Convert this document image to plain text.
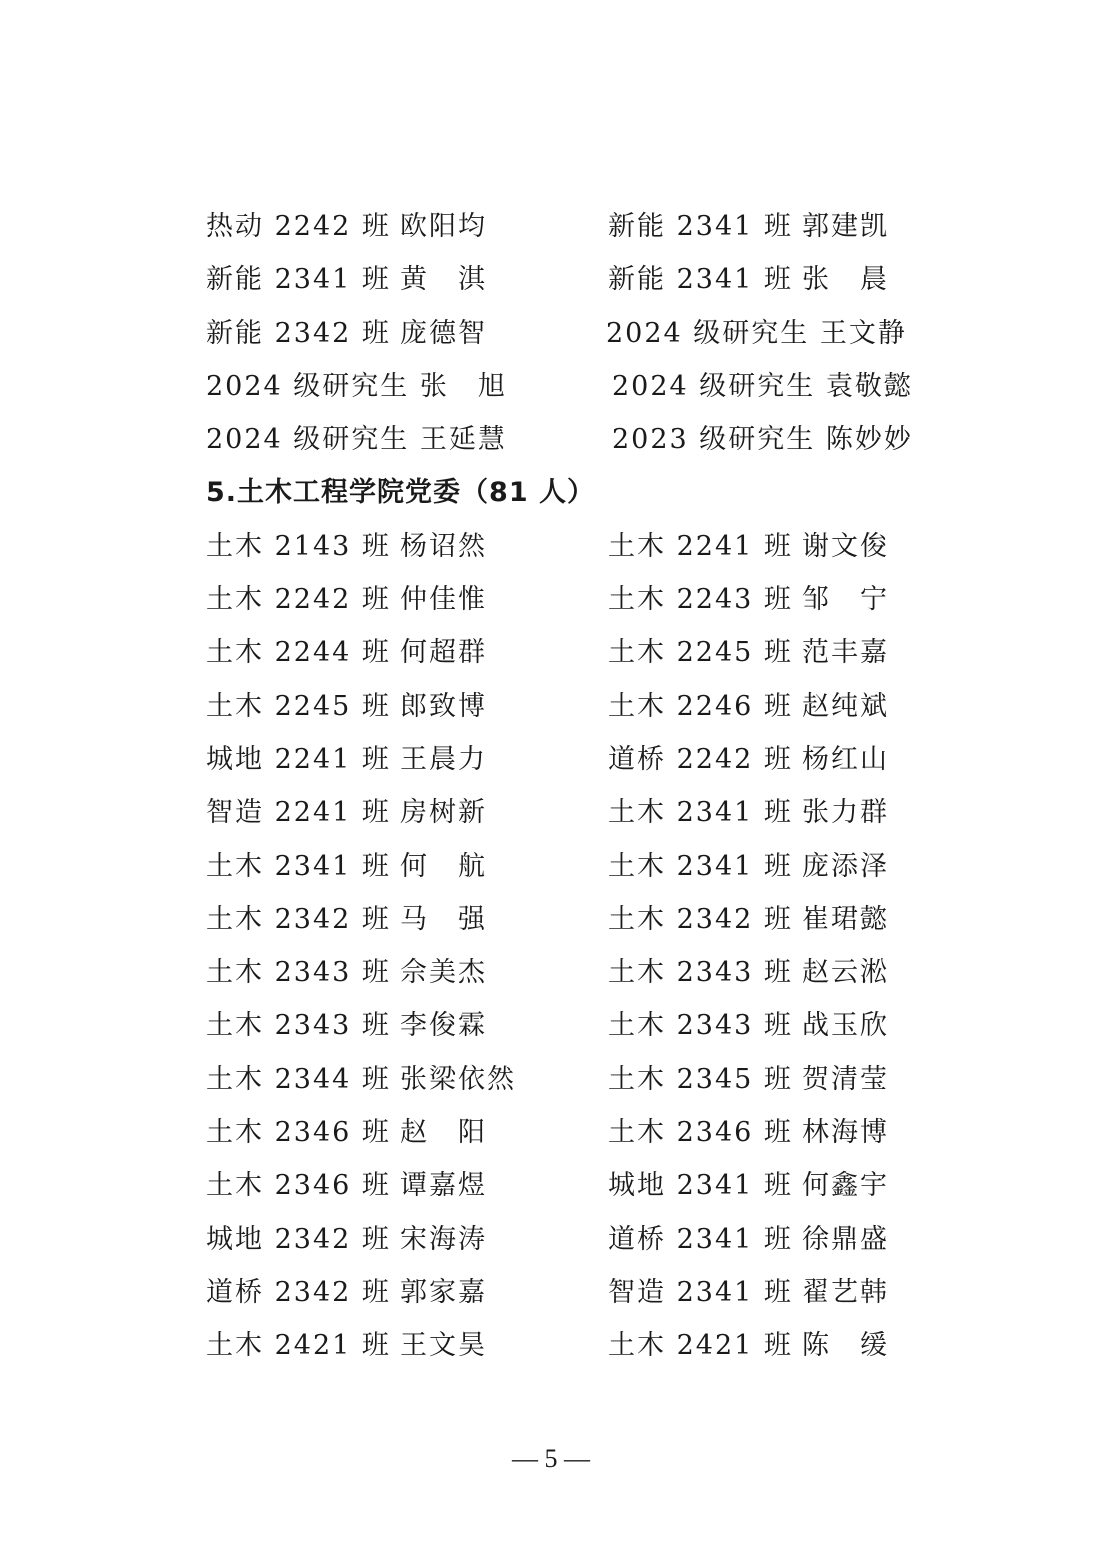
热动 2242 班 欧阳均	新能 2341 班 郭建凯
新能 2341 班 黄　淇	新能 2341 班 张　晨
新能 2342 班 庞德智	2024 级研究生 王文静
2024 级研究生 张　旭	2024 级研究生 袁敬懿
2024 级研究生 王延慧	2023 级研究生 陈妙妙
5.土木工程学院党委（81 人）
土木 2143 班 杨诏然	土木 2241 班 谢文俊
土木 2242 班 仲佳惟	土木 2243 班 邹　宁
土木 2244 班 何超群	土木 2245 班 范丰嘉
土木 2245 班 郎致博	土木 2246 班 赵纯斌
城地 2241 班 王晨力	道桥 2242 班 杨红山
智造 2241 班 房树新	土木 2341 班 张力群
土木 2341 班 何　航	土木 2341 班 庞添泽
土木 2342 班 马　强	土木 2342 班 崔珺懿
土木 2343 班 佘美杰	土木 2343 班 赵云淞
土木 2343 班 李俊霖	土木 2343 班 战玉欣
土木 2344 班 张梁依然	土木 2345 班 贺清莹
土木 2346 班 赵　阳	土木 2346 班 林海博
土木 2346 班 谭嘉煜	城地 2341 班 何鑫宇
城地 2342 班 宋海涛	道桥 2341 班 徐鼎盛
道桥 2342 班 郭家嘉	智造 2341 班 翟艺韩
土木 2421 班 王文昊	土木 2421 班 陈　缓
— 5 —
